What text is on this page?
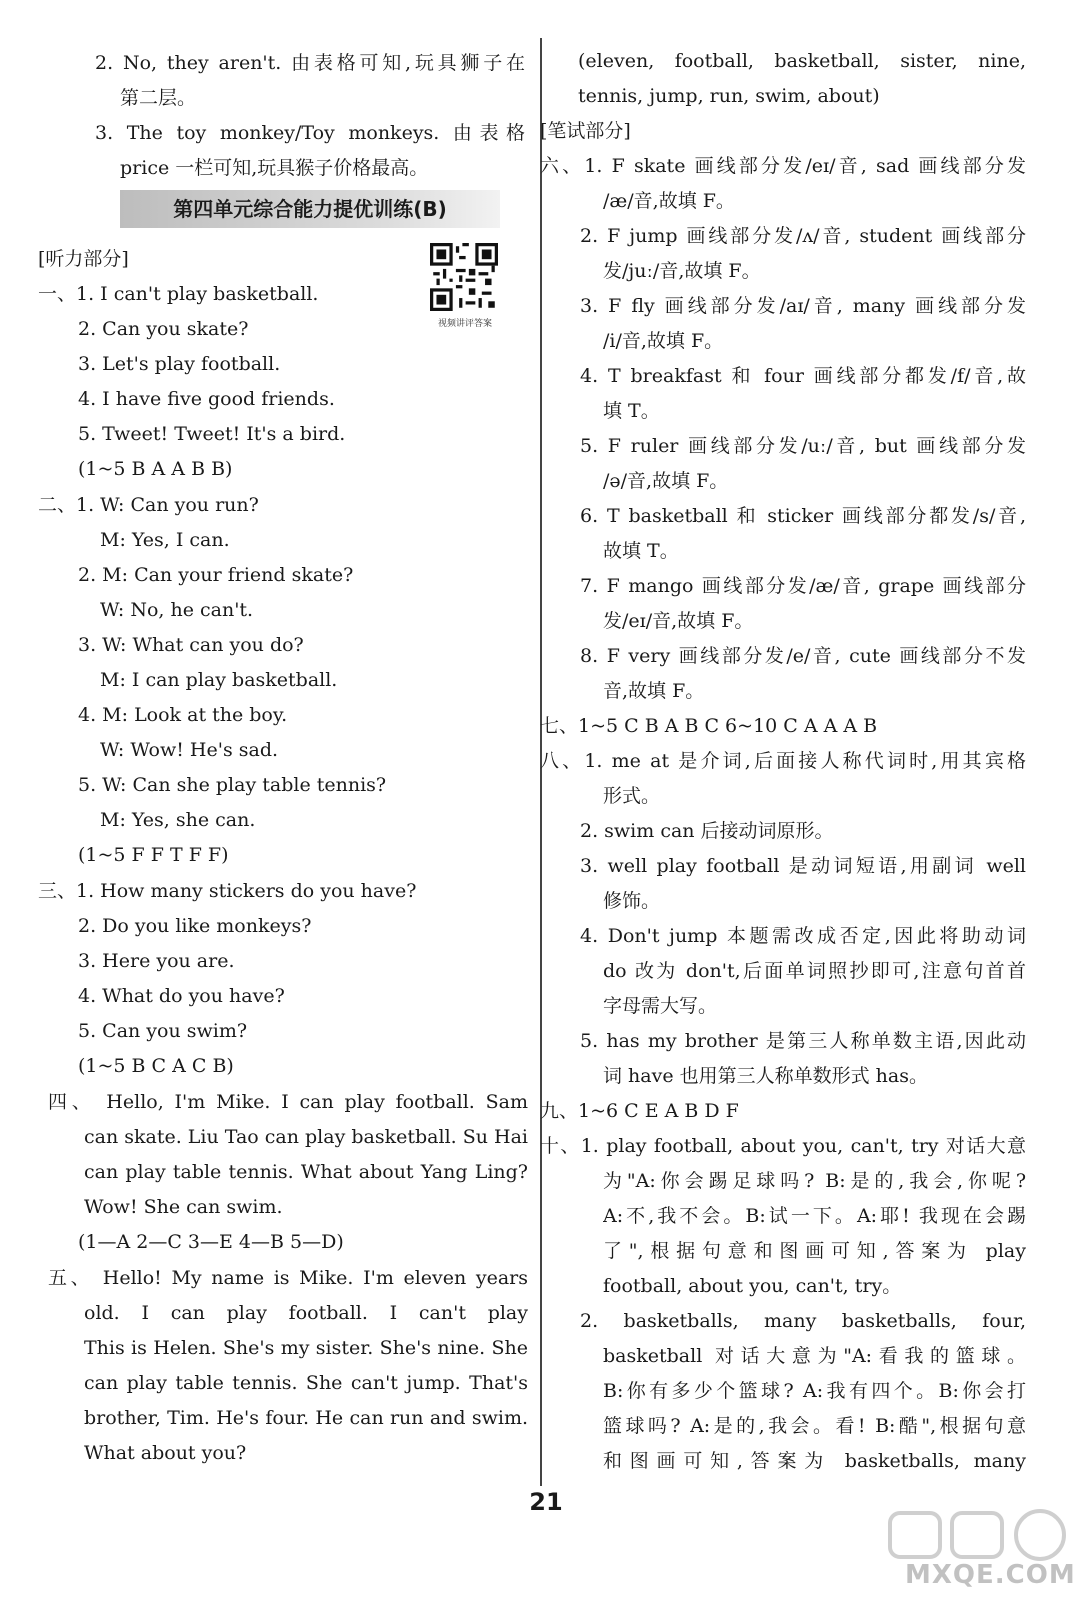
第四单元综合能力提优训练(B)
视频讲评答案
2. No, they aren't. 由表格可知,玩具狮子在
第二层。
3. The toy monkey/Toy monkeys. 由表格
price 一栏可知,玩具猴子价格最高。
[听力部分]
一、1. I can't play basketball.
2. Can you skate?
3. Let's play football.
4. I have five good friends.
5. Tweet! Tweet! It's a bird.
(1~5 B A A B B)
二、1. W: Can you run?
M: Yes, I can.
2. M: Can your friend skate?
W: No, he can't.
3. W: What can you do?
M: I can play basketball.
4. M: Look at the boy.
W: Wow! He's sad.
5. W: Can she play table tennis?
M: Yes, she can.
(1~5 F F T F F)
三、1. How many stickers do you have?
2. Do you like monkeys?
3. Here you are.
4. What do you have?
5. Can you swim?
(1~5 B C A C B)
四、 Hello, I'm Mike. I can play football. Sam
can skate. Liu Tao can play basketball. Su Hai
can play table tennis. What about Yang Ling?
Wow! She can swim.
(1—A 2—C 3—E 4—B 5—D)
五、 Hello! My name is Mike. I'm eleven years
old. I can play football. I can't play
This is Helen. She's my sister. She's nine. She
can play table tennis. She can't jump. That's
brother, Tim. He's four. He can run and swim.
What about you?
(eleven, football, basketball, sister, nine,
tennis, jump, run, swim, about)
[笔试部分]
六、1. F skate 画线部分发/eɪ/音, sad 画线部分发
/æ/音,故填 F。
2. F jump 画线部分发/ʌ/音, student 画线部分
发/juː/音,故填 F。
3. F fly 画线部分发/aɪ/音, many 画线部分发
/i/音,故填 F。
4. T breakfast 和 four 画线部分都发/f/音,故
填 T。
5. F ruler 画线部分发/uː/音, but 画线部分发
/ə/音,故填 F。
6. T basketball 和 sticker 画线部分都发/s/音,
故填 T。
7. F mango 画线部分发/æ/音, grape 画线部分
发/eɪ/音,故填 F。
8. F very 画线部分发/e/音, cute 画线部分不发
音,故填 F。
七、1~5 C B A B C 6~10 C A A A B
八、1. me at 是介词,后面接人称代词时,用其宾格
形式。
2. swim can 后接动词原形。
3. well play football 是动词短语,用副词 well
修饰。
4. Don't jump 本题需改成否定,因此将助动词
do 改为 don't,后面单词照抄即可,注意句首首
字母需大写。
5. has my brother 是第三人称单数主语,因此动
词 have 也用第三人称单数形式 has。
九、1~6 C E A B D F
十、1. play football, about you, can't, try 对话大意
为"A:你会踢足球吗? B:是的,我会,你呢?
A:不,我不会。B:试一下。A:耶! 我现在会踢
了",根据句意和图画可知,答案为 play
football, about you, can't, try。
2. basketballs, many basketballs, four,
basketball 对话大意为"A:看我的篮球。
B:你有多少个篮球? A:我有四个。B:你会打
篮球吗? A:是的,我会。看! B:酷",根据句意
和图画可知,答案为 basketballs, many
21
MXQE.COM
